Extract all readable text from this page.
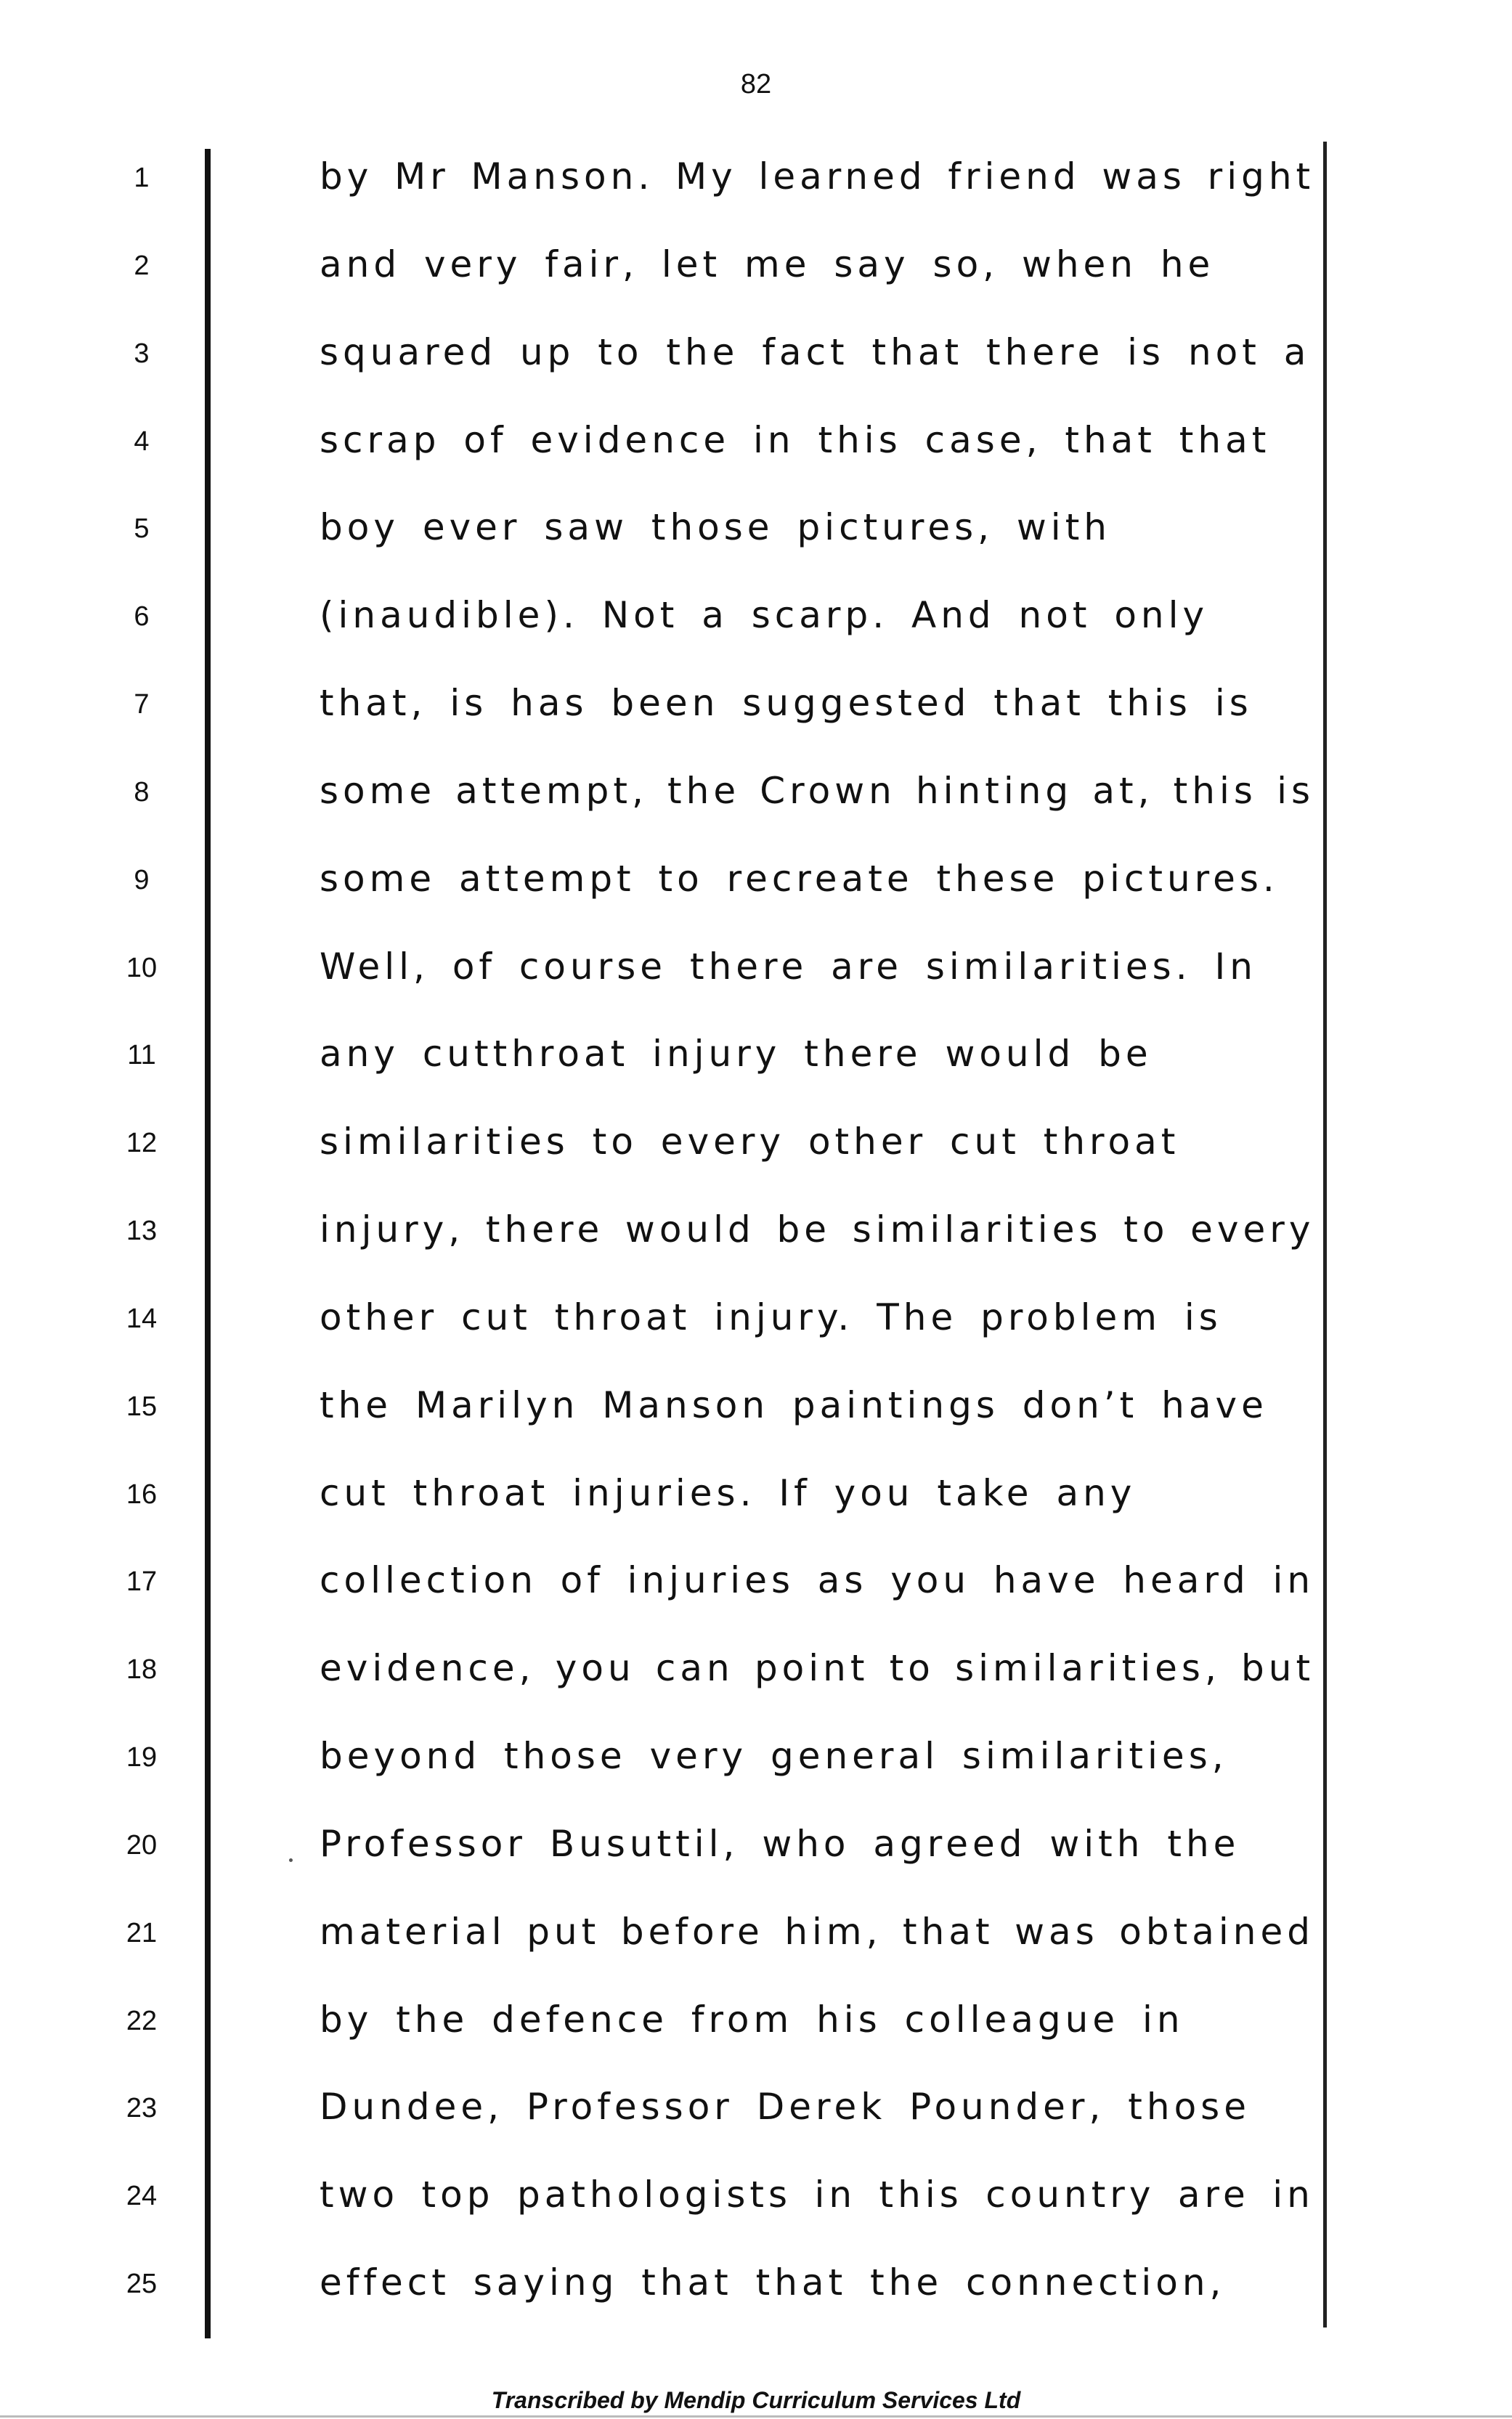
82
1	by Mr Manson. My learned friend was right
2	and very fair, let me say so, when he
3	squared up to the fact that there is not a
4	scrap of evidence in this case, that that
5	boy ever saw those pictures, with
6	(inaudible). Not a scarp. And not only
7	that, is has been suggested that this is
8	some attempt, the Crown hinting at, this is
9	some attempt to recreate these pictures.
10	Well, of course there are similarities. In
11	any cutthroat injury there would be
12	similarities to every other cut throat
13	injury, there would be similarities to every
14	other cut throat injury. The problem is
15	the Marilyn Manson paintings don’t have
16	cut throat injuries. If you take any
17	collection of injuries as you have heard in
18	evidence, you can point to similarities, but
19	beyond those very general similarities,
20	Professor Busuttil, who agreed with the
21	material put before him, that was obtained
22	by the defence from his colleague in
23	Dundee, Professor Derek Pounder, those
24	two top pathologists in this country are in
25	effect saying that that the connection,
Transcribed by Mendip Curriculum Services Ltd
